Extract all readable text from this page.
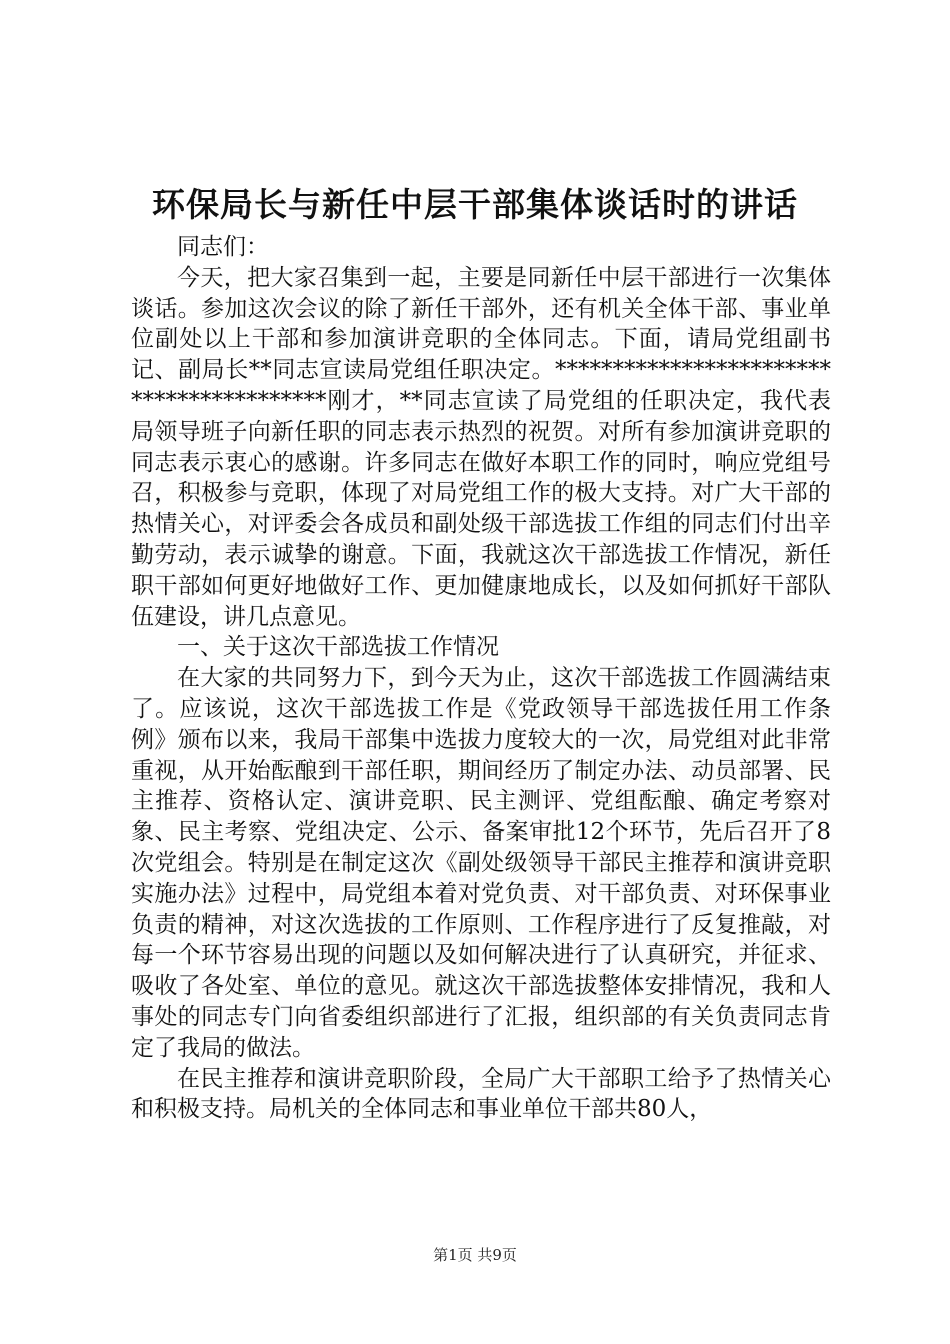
环保局长与新任中层干部集体谈话时的讲话

同志们：

今天，把大家召集到一起，主要是同新任中层干部进行一次集体谈话。参加这次会议的除了新任干部外，还有机关全体干部、事业单位副处以上干部和参加演讲竞职的全体同志。下面，请局党组副书记、副局长**同志宣读局党组任职决定。*****************************************刚才，**同志宣读了局党组的任职决定，我代表局领导班子向新任职的同志表示热烈的祝贺。对所有参加演讲竞职的同志表示衷心的感谢。许多同志在做好本职工作的同时，响应党组号召，积极参与竞职，体现了对局党组工作的极大支持。对广大干部的热情关心，对评委会各成员和副处级干部选拔工作组的同志们付出辛勤劳动，表示诚挚的谢意。下面，我就这次干部选拔工作情况，新任职干部如何更好地做好工作、更加健康地成长，以及如何抓好干部队伍建设，讲几点意见。

一、关于这次干部选拔工作情况

在大家的共同努力下，到今天为止，这次干部选拔工作圆满结束了。应该说，这次干部选拔工作是《党政领导干部选拔任用工作条例》颁布以来，我局干部集中选拔力度较大的一次，局党组对此非常重视，从开始酝酿到干部任职，期间经历了制定办法、动员部署、民主推荐、资格认定、演讲竞职、民主测评、党组酝酿、确定考察对象、民主考察、党组决定、公示、备案审批12个环节，先后召开了8次党组会。特别是在制定这次《副处级领导干部民主推荐和演讲竞职实施办法》过程中，局党组本着对党负责、对干部负责、对环保事业负责的精神，对这次选拔的工作原则、工作程序进行了反复推敲，对每一个环节容易出现的问题以及如何解决进行了认真研究，并征求、吸收了各处室、单位的意见。就这次干部选拔整体安排情况，我和人事处的同志专门向省委组织部进行了汇报，组织部的有关负责同志肯定了我局的做法。

在民主推荐和演讲竞职阶段，全局广大干部职工给予了热情关心和积极支持。局机关的全体同志和事业单位干部共80人，

第1页 共9页
